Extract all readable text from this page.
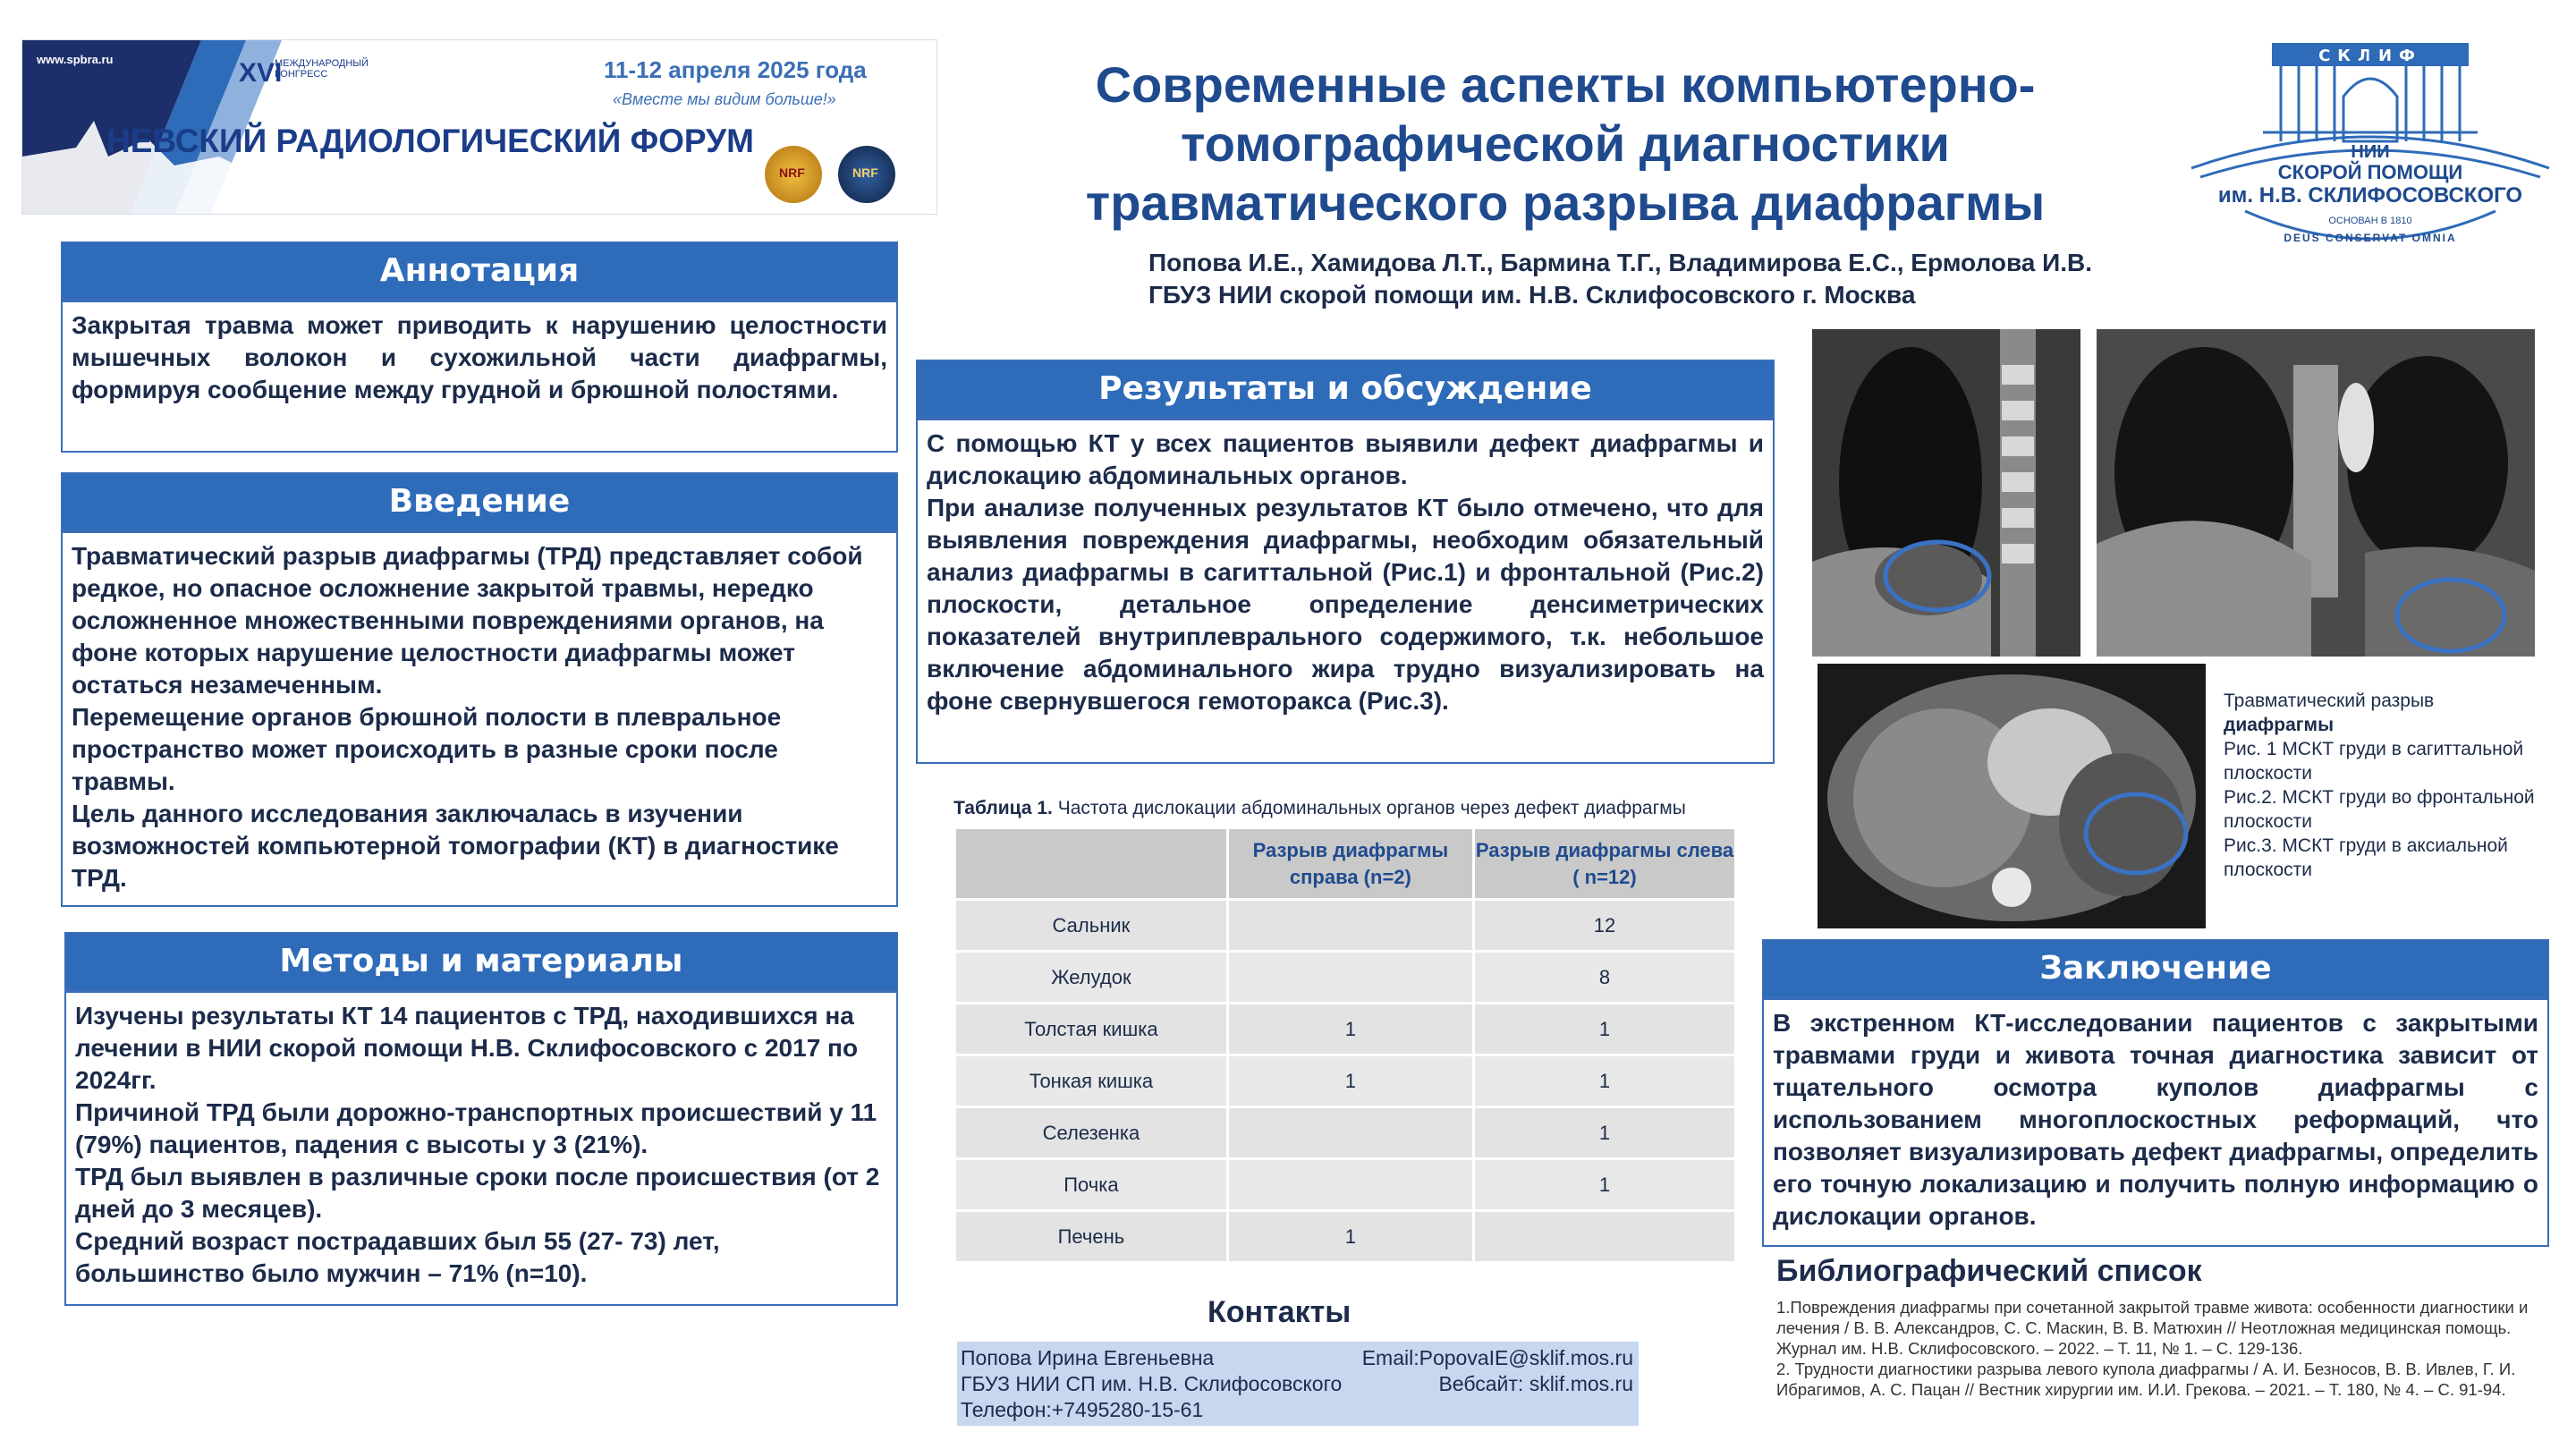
www.spbra.ru	XVI
МЕЖДУНАРОДНЫЙ КОНГРЕСС	11-12 апреля 2025 года
«Вместе мы видим больше!»
НЕВСКИЙ РАДИОЛОГИЧЕСКИЙ ФОРУМ
NRF	NRF
Современные аспекты компьютерно-
томографической диагностики
травматического разрыва диафрагмы
Попова И.Е., Хамидова Л.Т., Бармина Т.Г., Владимирова Е.С., Ермолова И.В.
ГБУЗ НИИ скорой помощи им. Н.В. Склифосовского г. Москва
СКЛИФ
НИИ
СКОРОЙ ПОМОЩИ
им. Н.В. СКЛИФОСОВСКОГО
ОСНОВАН В 1810
DEUS CONSERVAT OMNIA
Аннотация
Закрытая травма может приводить к нарушению целостности мышечных волокон и сухожильной части диафрагмы, формируя сообщение между грудной и брюшной полостями.
Введение
Травматический разрыв диафрагмы (ТРД) представляет собой редкое, но опасное осложнение закрытой травмы, нередко осложненное множественными повреждениями органов, на фоне которых нарушение целостности диафрагмы может остаться незамеченным.
Перемещение органов брюшной полости в плевральное пространство может происходить в разные сроки после травмы.
Цель данного исследования заключалась в изучении возможностей компьютерной томографии (КТ) в диагностике ТРД.
Методы и материалы
Изучены результаты КТ 14 пациентов с ТРД, находившихся на лечении в НИИ скорой помощи Н.В. Склифосовского с 2017 по 2024гг.
Причиной ТРД были дорожно-транспортных происшествий у 11 (79%) пациентов, падения с высоты у 3 (21%).
ТРД был выявлен в различные сроки после происшествия (от 2 дней до 3 месяцев).
Средний возраст пострадавших был 55 (27- 73) лет, большинство было мужчин – 71% (n=10).
Результаты и обсуждение
С помощью КТ у всех пациентов выявили дефект диафрагмы и дислокацию абдоминальных органов.
При анализе полученных результатов КТ было отмечено, что для выявления повреждения диафрагмы, необходим обязательный анализ диафрагмы в сагиттальной (Рис.1) и фронтальной (Рис.2) плоскости, детальное определение денсиметрических показателей внутриплеврального содержимого, т.к. небольшое включение абдоминального жира трудно визуализировать на фоне свернувшегося гемоторакса (Рис.3).
Таблица 1. Частота дислокации абдоминальных органов через дефект диафрагмы
	Разрыв диафрагмы справа (n=2)	Разрыв диафрагмы слева ( n=12)
Сальник		12
Желудок		8
Толстая кишка	1	1
Тонкая кишка	1	1
Селезенка		1
Почка		1
Печень	1	
Контакты
Попова Ирина Евгеньевна
ГБУЗ НИИ СП им. Н.В. Склифосовского
Телефон:+7495280-15-61
Email:PopovaIE@sklif.mos.ru
Вебсайт: sklif.mos.ru
Травматический разрыв
диафрагмы
Рис. 1 МСКТ груди в сагиттальной плоскости
Рис.2. МСКТ груди во фронтальной плоскости
Рис.3. МСКТ груди в аксиальной плоскости
Заключение
В экстренном КТ-исследовании пациентов с закрытыми травмами груди и живота точная диагностика зависит от тщательного осмотра куполов диафрагмы с использованием многоплоскостных реформаций, что позволяет визуализировать дефект диафрагмы, определить его точную локализацию и получить полную информацию о дислокации органов.
Библиографический список
1.Повреждения диафрагмы при сочетанной закрытой травме живота: особенности диагностики и лечения / В. В. Александров, С. С. Маскин, В. В. Матюхин // Неотложная медицинская помощь. Журнал им. Н.В. Склифосовского. – 2022. – Т. 11, № 1. – С. 129-136.
2. Трудности диагностики разрыва левого купола диафрагмы / А. И. Безносов, В. В. Ивлев, Г. И. Ибрагимов, А. С. Пацан // Вестник хирургии им. И.И. Грекова. – 2021. – Т. 180, № 4. – С. 91-94.
